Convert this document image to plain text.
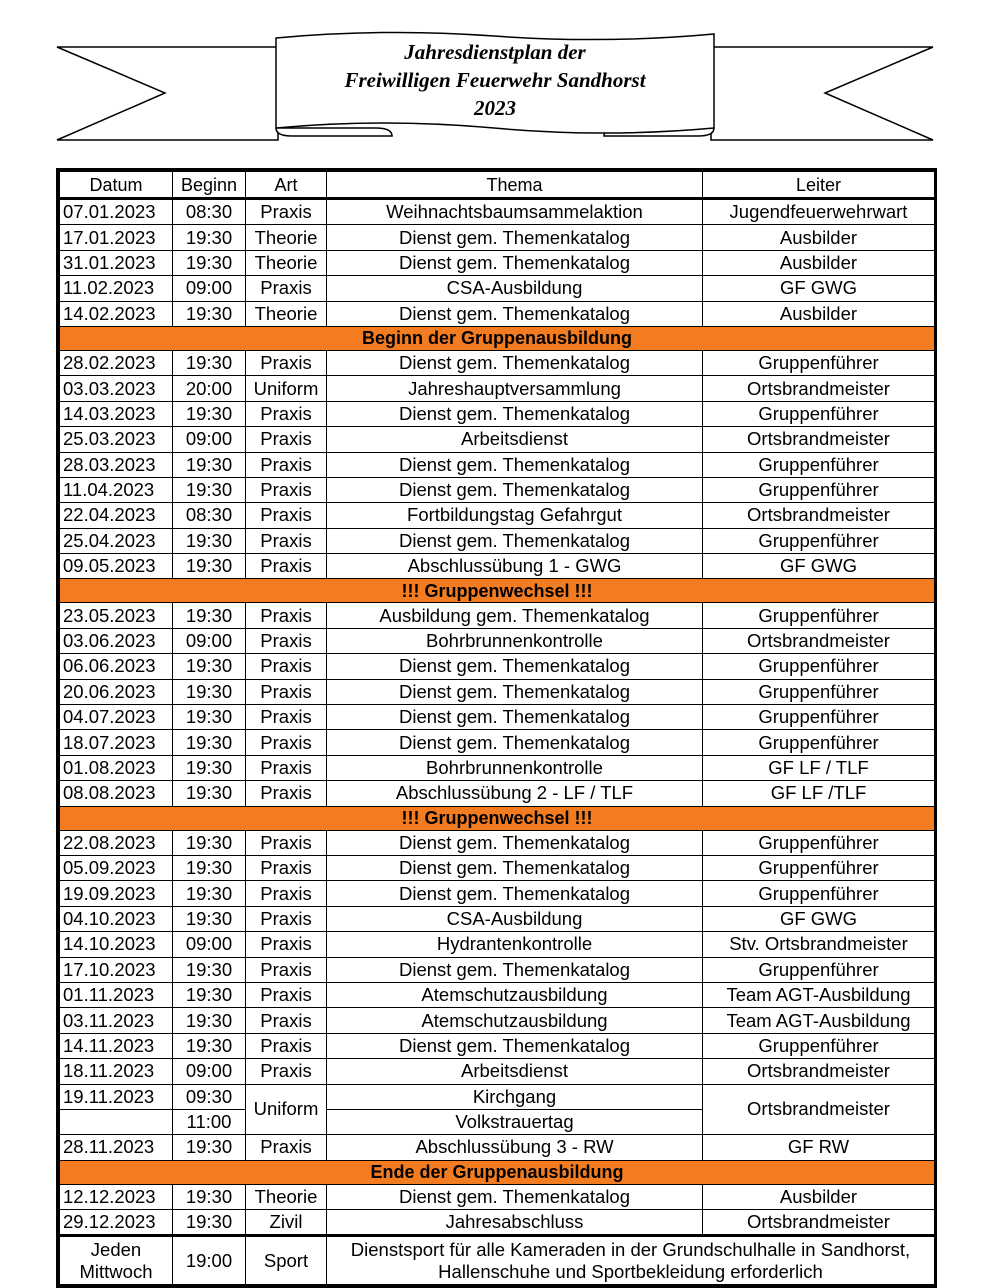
Jahresdienstplan der
Freiwilligen Feuerwehr Sandhorst
2023
Datum	Beginn	Art	Thema	Leiter
07.01.2023	08:30	Praxis	Weihnachtsbaumsammelaktion	Jugendfeuerwehrwart
17.01.2023	19:30	Theorie	Dienst gem. Themenkatalog	Ausbilder
31.01.2023	19:30	Theorie	Dienst gem. Themenkatalog	Ausbilder
11.02.2023	09:00	Praxis	CSA-Ausbildung	GF GWG
14.02.2023	19:30	Theorie	Dienst gem. Themenkatalog	Ausbilder
Beginn der Gruppenausbildung				
28.02.2023	19:30	Praxis	Dienst gem. Themenkatalog	Gruppenführer
03.03.2023	20:00	Uniform	Jahreshauptversammlung	Ortsbrandmeister
14.03.2023	19:30	Praxis	Dienst gem. Themenkatalog	Gruppenführer
25.03.2023	09:00	Praxis	Arbeitsdienst	Ortsbrandmeister
28.03.2023	19:30	Praxis	Dienst gem. Themenkatalog	Gruppenführer
11.04.2023	19:30	Praxis	Dienst gem. Themenkatalog	Gruppenführer
22.04.2023	08:30	Praxis	Fortbildungstag Gefahrgut	Ortsbrandmeister
25.04.2023	19:30	Praxis	Dienst gem. Themenkatalog	Gruppenführer
09.05.2023	19:30	Praxis	Abschlussübung 1 - GWG	GF GWG
!!! Gruppenwechsel !!!				
23.05.2023	19:30	Praxis	Ausbildung gem. Themenkatalog	Gruppenführer
03.06.2023	09:00	Praxis	Bohrbrunnenkontrolle	Ortsbrandmeister
06.06.2023	19:30	Praxis	Dienst gem. Themenkatalog	Gruppenführer
20.06.2023	19:30	Praxis	Dienst gem. Themenkatalog	Gruppenführer
04.07.2023	19:30	Praxis	Dienst gem. Themenkatalog	Gruppenführer
18.07.2023	19:30	Praxis	Dienst gem. Themenkatalog	Gruppenführer
01.08.2023	19:30	Praxis	Bohrbrunnenkontrolle	GF LF / TLF
08.08.2023	19:30	Praxis	Abschlussübung 2 - LF / TLF	GF LF /TLF
!!! Gruppenwechsel !!!				
22.08.2023	19:30	Praxis	Dienst gem. Themenkatalog	Gruppenführer
05.09.2023	19:30	Praxis	Dienst gem. Themenkatalog	Gruppenführer
19.09.2023	19:30	Praxis	Dienst gem. Themenkatalog	Gruppenführer
04.10.2023	19:30	Praxis	CSA-Ausbildung	GF GWG
14.10.2023	09:00	Praxis	Hydrantenkontrolle	Stv. Ortsbrandmeister
17.10.2023	19:30	Praxis	Dienst gem. Themenkatalog	Gruppenführer
01.11.2023	19:30	Praxis	Atemschutzausbildung	Team AGT-Ausbildung
03.11.2023	19:30	Praxis	Atemschutzausbildung	Team AGT-Ausbildung
14.11.2023	19:30	Praxis	Dienst gem. Themenkatalog	Gruppenführer
18.11.2023	09:00	Praxis	Arbeitsdienst	Ortsbrandmeister
19.11.2023	09:30	Uniform	Kirchgang	Ortsbrandmeister
	11:00		Volkstrauertag	
28.11.2023	19:30	Praxis	Abschlussübung 3 - RW	GF RW
Ende der Gruppenausbildung				
12.12.2023	19:30	Theorie	Dienst gem. Themenkatalog	Ausbilder
29.12.2023	19:30	Zivil	Jahresabschluss	Ortsbrandmeister
Jeden Mittwoch	19:00	Sport	Dienstsport für alle Kameraden in der Grundschulhalle in Sandhorst, Hallenschuhe und Sportbekleidung erforderlich	
